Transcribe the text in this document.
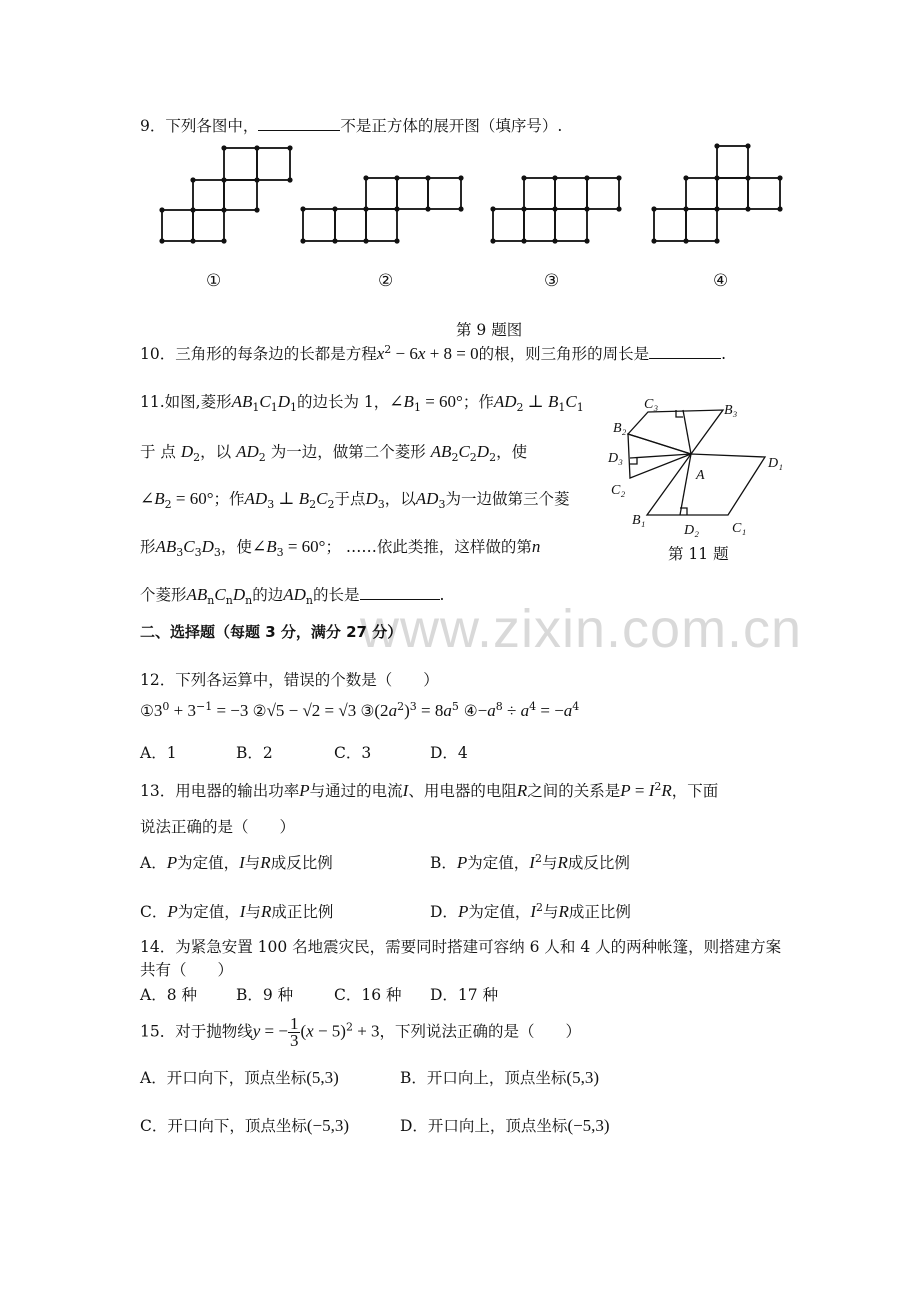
www.zixin.com.cn
9．下列各图中，	不是正方体的展开图（填序号）.
①	②	③	④
第 9 题图
10．三角形的每条边的长都是方程$x^2 - 6x + 8 = 0$的根，则三角形的周长是	.
11.如图,菱形$AB_1C_1D_1$的边长为 1，$\angle B_1 = 60^\circ$；作$AD_2$ ⊥ $B_1C_1$
于 点 $D_2$，以 $AD_2$ 为一边，做第二个菱形 $AB_2C_2D_2$，使
$\angle B_2 = 60^\circ$；作$AD_3$ ⊥ $B_2C_2$于点$D_3$，以$AD_3$为一边做第三个菱
形$AB_3C_3D_3$，使$\angle B_3 = 60^\circ$； ……依此类推，这样做的第n
个菱形$AB_nC_nD_n$的边$AD_n$的长是	.
C₃	B₃
B₂
D₃
A
D₁
C₂
B₁
D₂ C₁
第 11 题
二、选择题（每题 3 分，满分 27 分）
12．下列各运算中，错误的个数是（　　）
$①3^0 + 3^{-1} = -3$ ②√5 − √2 = √3 $③(2a^2)^3 = 8a^5$ $④-a^8 \div a^4 = -a^4$
A．1	B．2	C．3	D．4
13．用电器的输出功率P与通过的电流I、用电器的电阻R之间的关系是$P = I^2R$，下面
说法正确的是（　　）
A．P为定值，I与R成反比例	B．P为定值，$I^2$与R成反比例
C．P为定值，I与R成正比例	D．P为定值，$I^2$与R成正比例
14．为紧急安置 100 名地震灾民，需要同时搭建可容纳 6 人和 4 人的两种帐篷，则搭建方案
共有（　　）
A．8 种	B．9 种	C．16 种 D．17 种
15．对于抛物线y = − $\frac{1}{3} (x - 5)^2 + 3$，下列说法正确的是（　　）
A．开口向下，顶点坐标(5,3)	B．开口向上，顶点坐标(5,3)
C．开口向下，顶点坐标(−5,3)	D．开口向上，顶点坐标(−5,3)
